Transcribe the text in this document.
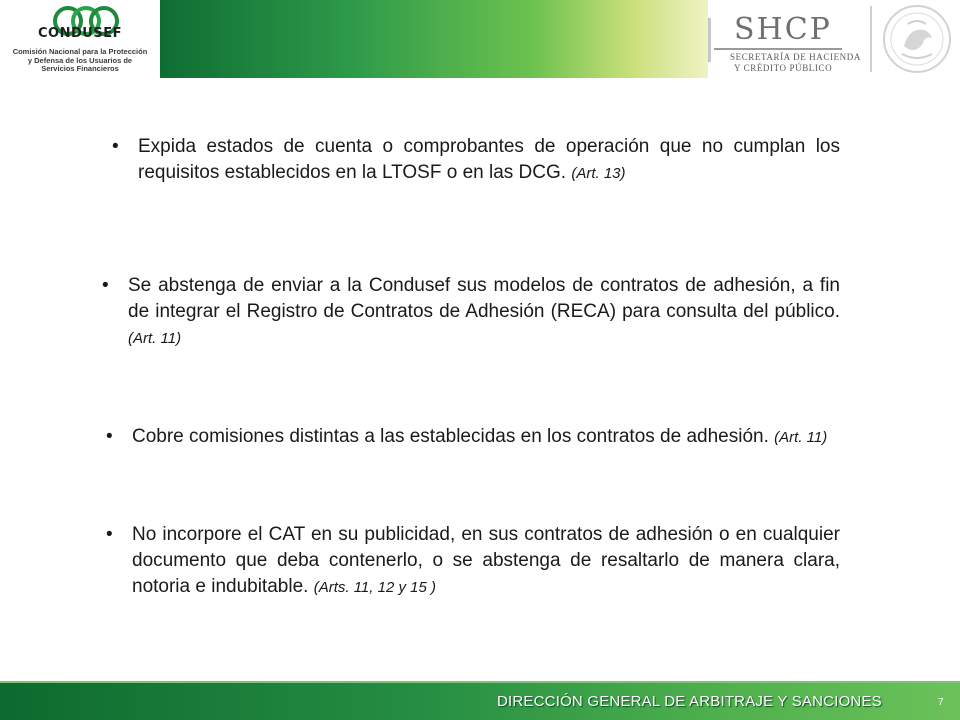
CONDUSEF
Comisión Nacional para la Protección
y Defensa de los Usuarios de
Servicios Financieros
SHCP
SECRETARÍA DE HACIENDA
Y CRÉDITO PÚBLICO
• Expida estados de cuenta o comprobantes de operación que no cumplan los requisitos establecidos en la LTOSF o en las DCG. (Art. 13)
• Se abstenga de enviar a la Condusef sus modelos de contratos de adhesión, a fin de integrar el Registro de Contratos de Adhesión (RECA) para consulta del público. (Art. 11)
• Cobre comisiones distintas a las establecidas en los contratos de adhesión. (Art. 11)
• No incorpore el CAT en su publicidad, en sus contratos de adhesión o en cualquier documento que deba contenerlo, o se abstenga de resaltarlo de manera clara, notoria e indubitable. (Arts. 11, 12 y 15 )
DIRECCIÓN GENERAL DE ARBITRAJE Y SANCIONES	7
